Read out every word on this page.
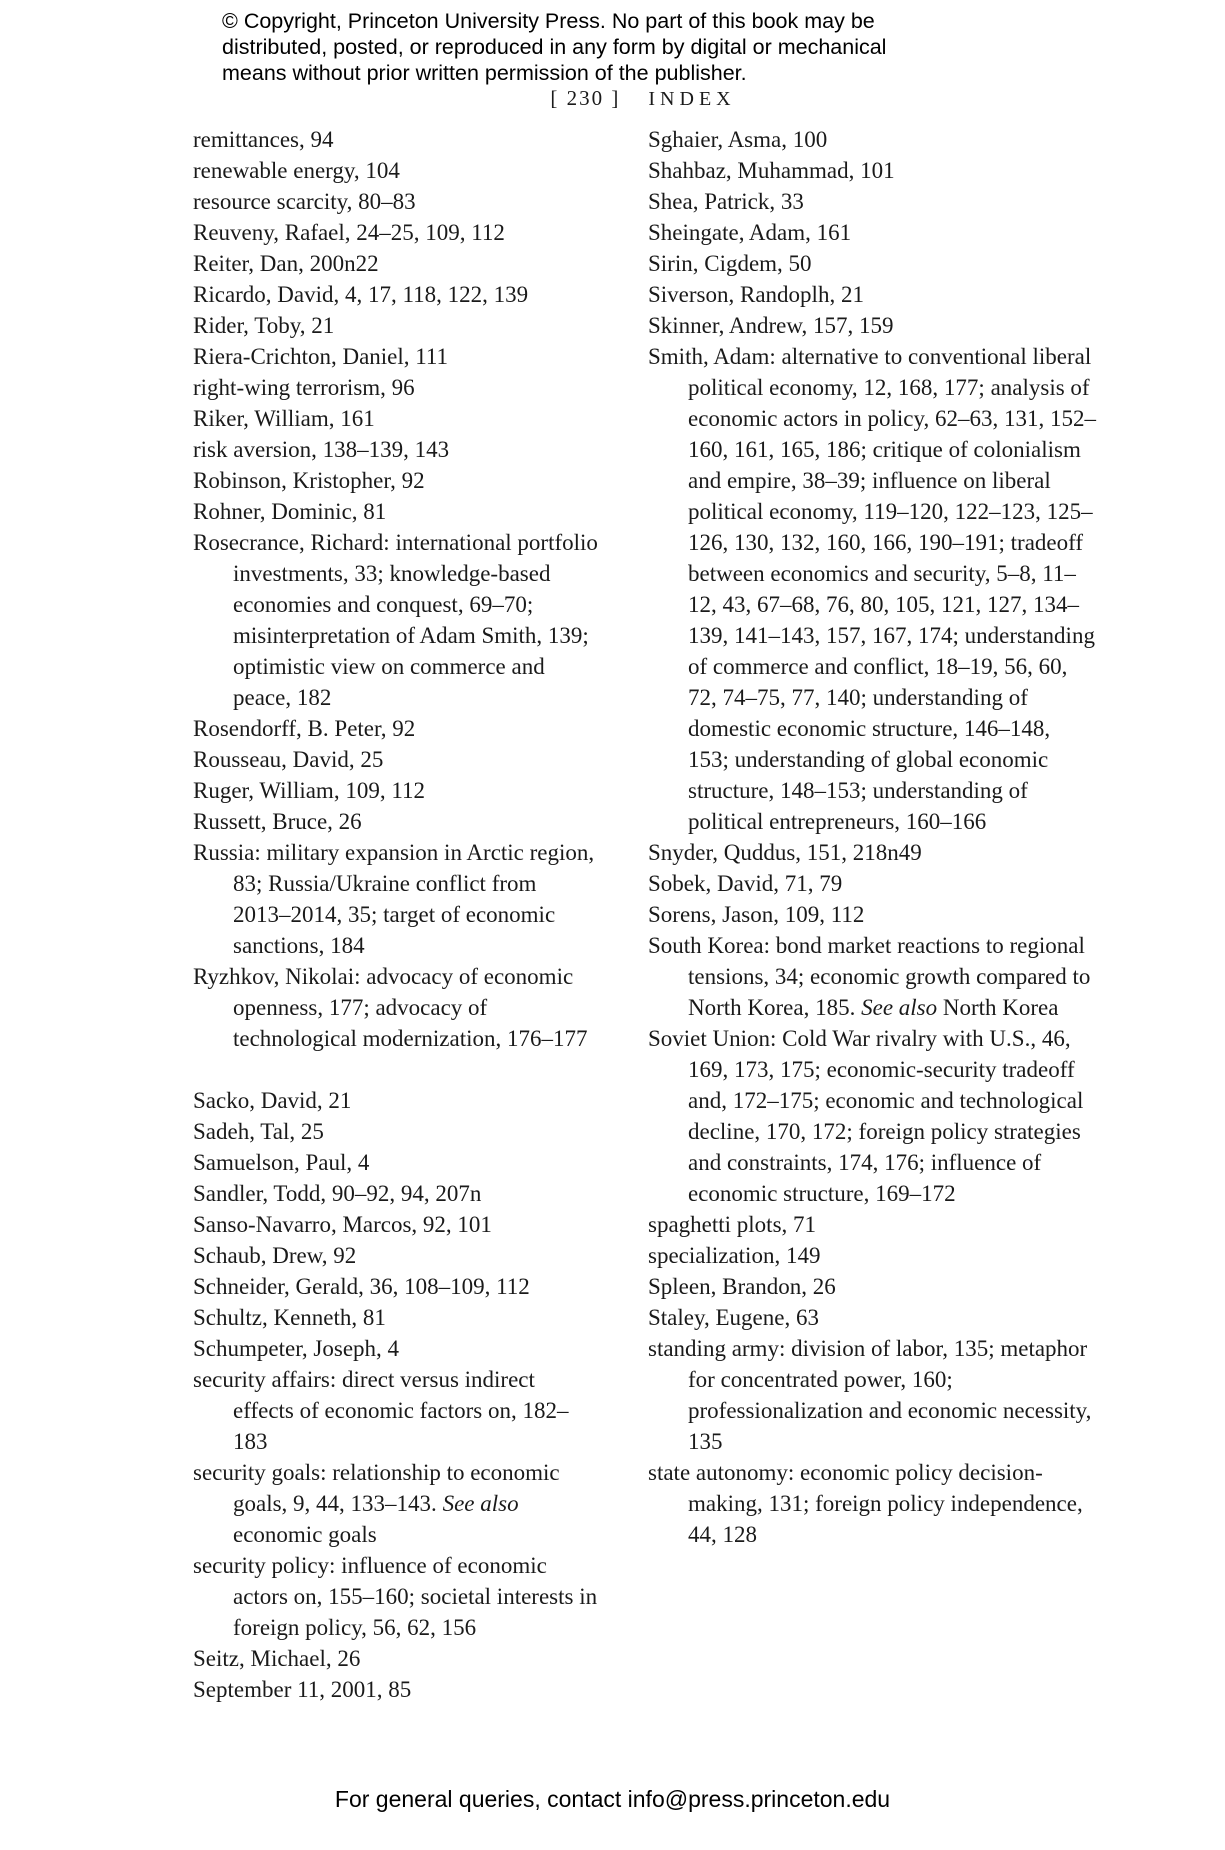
© Copyright, Princeton University Press. No part of this book may be
distributed, posted, or reproduced in any form by digital or mechanical
means without prior written permission of the publisher.
[ 230 ] INDEX

remittances, 94

renewable energy, 104

resource scarcity, 80–83

Reuveny, Rafael, 24–25, 109, 112

Reiter, Dan, 200n22

Ricardo, David, 4, 17, 118, 122, 139

Rider, Toby, 21

Riera-Crichton, Daniel, 111

right-wing terrorism, 96

Riker, William, 161

risk aversion, 138–139, 143

Robinson, Kristopher, 92

Rohner, Dominic, 81

Rosecrance, Richard: international portfolio investments, 33; knowledge-based economies and conquest, 69–70; misinterpretation of Adam Smith, 139; optimistic view on commerce and peace, 182

Rosendorff, B. Peter, 92

Rousseau, David, 25

Ruger, William, 109, 112

Russett, Bruce, 26

Russia: military expansion in Arctic region, 83; Russia/Ukraine conflict from 2013–2014, 35; target of economic sanctions, 184

Ryzhkov, Nikolai: advocacy of economic openness, 177; advocacy of technological modernization, 176–177

Sacko, David, 21

Sadeh, Tal, 25

Samuelson, Paul, 4

Sandler, Todd, 90–92, 94, 207n

Sanso-Navarro, Marcos, 92, 101

Schaub, Drew, 92

Schneider, Gerald, 36, 108–109, 112

Schultz, Kenneth, 81

Schumpeter, Joseph, 4

security affairs: direct versus indirect effects of economic factors on, 182–183

security goals: relationship to economic goals, 9, 44, 133–143. See also economic goals

security policy: influence of economic actors on, 155–160; societal interests in foreign policy, 56, 62, 156

Seitz, Michael, 26

September 11, 2001, 85

Sghaier, Asma, 100

Shahbaz, Muhammad, 101

Shea, Patrick, 33

Sheingate, Adam, 161

Sirin, Cigdem, 50

Siverson, Randoplh, 21

Skinner, Andrew, 157, 159

Smith, Adam: alternative to conventional liberal political economy, 12, 168, 177; analysis of economic actors in policy, 62–63, 131, 152–160, 161, 165, 186; critique of colonialism and empire, 38–39; influence on liberal political economy, 119–120, 122–123, 125–126, 130, 132, 160, 166, 190–191; tradeoff between economics and security, 5–8, 11–12, 43, 67–68, 76, 80, 105, 121, 127, 134–139, 141–143, 157, 167, 174; understanding of commerce and conflict, 18–19, 56, 60, 72, 74–75, 77, 140; understanding of domestic economic structure, 146–148, 153; understanding of global economic structure, 148–153; understanding of political entrepreneurs, 160–166

Snyder, Quddus, 151, 218n49

Sobek, David, 71, 79

Sorens, Jason, 109, 112

South Korea: bond market reactions to regional tensions, 34; economic growth compared to North Korea, 185. See also North Korea

Soviet Union: Cold War rivalry with U.S., 46, 169, 173, 175; economic-security tradeoff and, 172–175; economic and technological decline, 170, 172; foreign policy strategies and constraints, 174, 176; influence of economic structure, 169–172

spaghetti plots, 71

specialization, 149

Spleen, Brandon, 26

Staley, Eugene, 63

standing army: division of labor, 135; metaphor for concentrated power, 160; professionalization and economic necessity, 135

state autonomy: economic policy decision-making, 131; foreign policy independence, 44, 128

For general queries, contact info@press.princeton.edu
